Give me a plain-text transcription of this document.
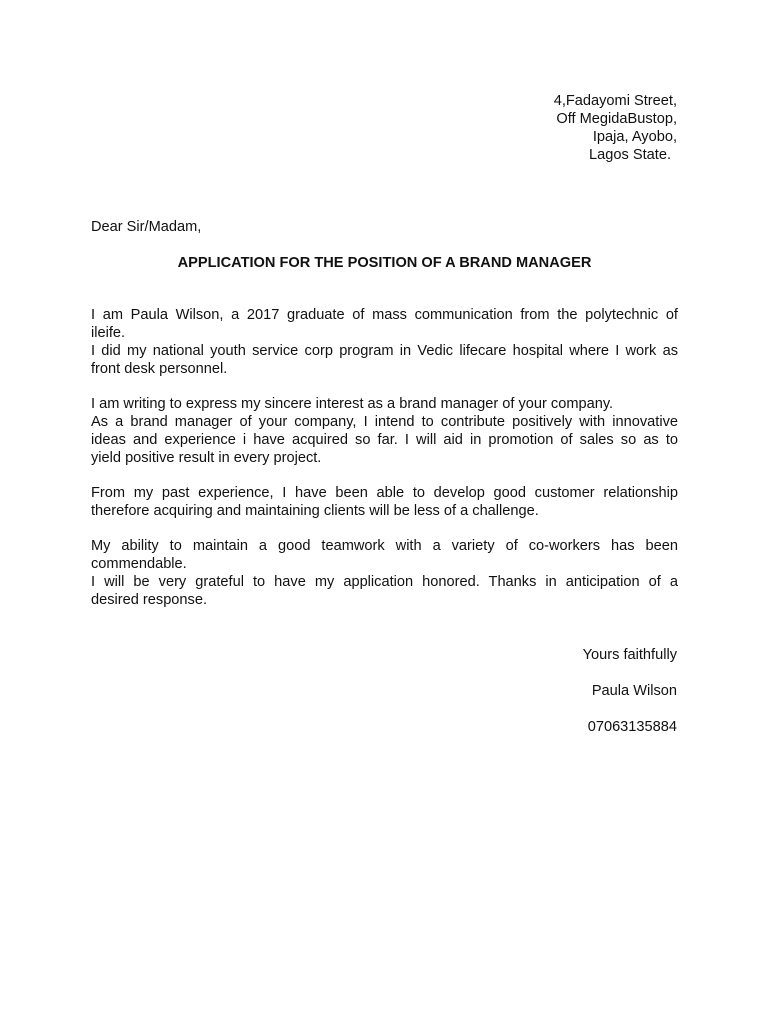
4,Fadayomi Street,
Off MegidaBustop,
Ipaja, Ayobo,
Lagos State.
Dear Sir/Madam,
APPLICATION FOR THE POSITION OF A BRAND MANAGER
I am Paula Wilson, a 2017 graduate of mass communication from the polytechnic of
ileife.
I did my national youth service corp program in Vedic lifecare hospital where I work as
front desk personnel.
I am writing to express my sincere interest as a brand manager of your company.
As a brand manager of your company, I intend to contribute positively with innovative
ideas and experience i have acquired so far. I will aid in promotion of sales so as to
yield positive result in every project.
From my past experience, I have been able to develop good customer relationship
therefore acquiring and maintaining clients will be less of a challenge.
My ability to maintain a good teamwork with a variety of co-workers has been
commendable.
I will be very grateful to have my application honored. Thanks in anticipation of a
desired response.
Yours faithfully
Paula Wilson
07063135884
